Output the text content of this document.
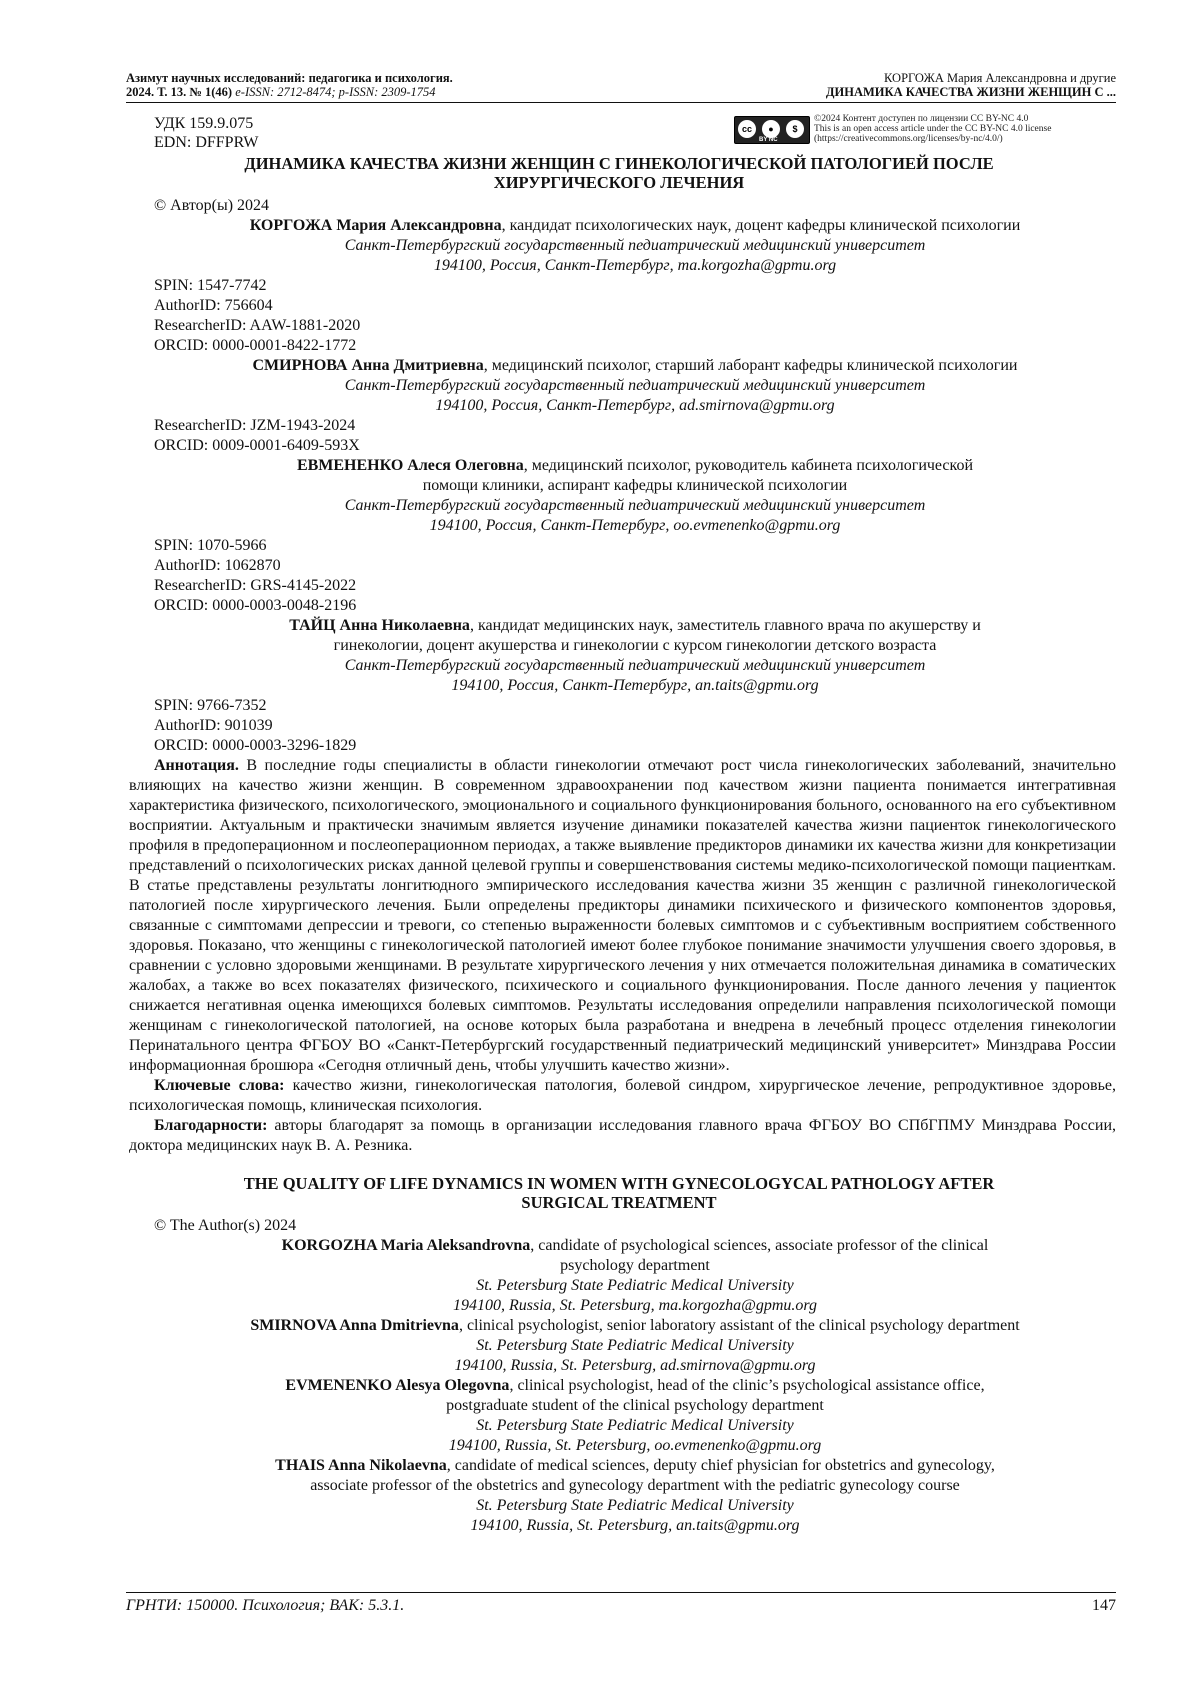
Азимут научных исследований: педагогика и психология.
2024. Т. 13. № 1(46) e-ISSN: 2712-8474; p-ISSN: 2309-1754
КОРГОЖА Мария Александровна и другие
ДИНАМИКА КАЧЕСТВА ЖИЗНИ ЖЕНЩИН С ...

УДК 159.9.075

EDN: DFFPRW

cc	●	$
BY NC
©2024 Контент доступен по лицензии CC BY-NC 4.0
This is an open access article under the CC BY-NC 4.0 license
(https://creativecommons.org/licenses/by-nc/4.0/)
ДИНАМИКА КАЧЕСТВА ЖИЗНИ ЖЕНЩИН С ГИНЕКОЛОГИЧЕСКОЙ ПАТОЛОГИЕЙ ПОСЛЕ
ХИРУРГИЧЕСКОГО ЛЕЧЕНИЯ

© Автор(ы) 2024

КОРГОЖА Мария Александровна, кандидат психологических наук, доцент кафедры клинической психологии

Санкт-Петербургский государственный педиатрический медицинский университет

194100, Россия, Санкт-Петербург, ma.korgozha@gpmu.org

SPIN: 1547-7742

AuthorID: 756604

ResearcherID: AAW-1881-2020

ORCID: 0000-0001-8422-1772

СМИРНОВА Анна Дмитриевна, медицинский психолог, старший лаборант кафедры клинической психологии

Санкт-Петербургский государственный педиатрический медицинский университет

194100, Россия, Санкт-Петербург, ad.smirnova@gpmu.org

ResearcherID: JZM-1943-2024

ORCID: 0009-0001-6409-593X

ЕВМЕНЕНКО Алеся Олеговна, медицинский психолог, руководитель кабинета психологической

помощи клиники, аспирант кафедры клинической психологии

Санкт-Петербургский государственный педиатрический медицинский университет

194100, Россия, Санкт-Петербург, oo.evmenenko@gpmu.org

SPIN: 1070-5966

AuthorID: 1062870

ResearcherID: GRS-4145-2022

ORCID: 0000-0003-0048-2196

ТАЙЦ Анна Николаевна, кандидат медицинских наук, заместитель главного врача по акушерству и

гинекологии, доцент акушерства и гинекологии с курсом гинекологии детского возраста

Санкт-Петербургский государственный педиатрический медицинский университет

194100, Россия, Санкт-Петербург, an.taits@gpmu.org

SPIN: 9766-7352

AuthorID: 901039

ORCID: 0000-0003-3296-1829

Аннотация. В последние годы специалисты в области гинекологии отмечают рост числа гинекологических заболеваний, значительно влияющих на качество жизни женщин. В современном здравоохранении под качеством жизни пациента понимается интегративная характеристика физического, психологического, эмоционального и социального функционирования больного, основанного на его субъективном восприятии. Актуальным и практически значимым является изучение динамики показателей качества жизни пациенток гинекологического профиля в предоперационном и послеоперационном периодах, а также выявление предикторов динамики их качества жизни для конкретизации представлений о психологических рисках данной целевой группы и совершенствования системы медико-психологической помощи пациенткам. В статье представлены результаты лонгитюдного эмпирического исследования качества жизни 35 женщин с различной гинекологической патологией после хирургического лечения. Были определены предикторы динамики психического и физического компонентов здоровья, связанные с симптомами депрессии и тревоги, со степенью выраженности болевых симптомов и с субъективным восприятием собственного здоровья. Показано, что женщины с гинекологической патологией имеют более глубокое понимание значимости улучшения своего здоровья, в сравнении с условно здоровыми женщинами. В результате хирургического лечения у них отмечается положительная динамика в соматических жалобах, а также во всех показателях физического, психического и социального функционирования. После данного лечения у пациенток снижается негативная оценка имеющихся болевых симптомов. Результаты исследования определили направления психологической помощи женщинам с гинекологической патологией, на основе которых была разработана и внедрена в лечебный процесс отделения гинекологии Перинатального центра ФГБОУ ВО «Санкт-Петербургский государственный педиатрический медицинский университет» Минздрава России информационная брошюра «Сегодня отличный день, чтобы улучшить качество жизни».

Ключевые слова: качество жизни, гинекологическая патология, болевой синдром, хирургическое лечение, репродуктивное здоровье, психологическая помощь, клиническая психология.

Благодарности: авторы благодарят за помощь в организации исследования главного врача ФГБОУ ВО СПбГПМУ Минздрава России, доктора медицинских наук В. А. Резника.

THE QUALITY OF LIFE DYNAMICS IN WOMEN WITH GYNECOLOGYCAL PATHOLOGY AFTER
SURGICAL TREATMENT

© The Author(s) 2024

KORGOZHA Maria Aleksandrovna, candidate of psychological sciences, associate professor of the clinical

psychology department

St. Petersburg State Pediatric Medical University

194100, Russia, St. Petersburg, ma.korgozha@gpmu.org

SMIRNOVA Anna Dmitrievna, clinical psychologist, senior laboratory assistant of the clinical psychology department

St. Petersburg State Pediatric Medical University

194100, Russia, St. Petersburg, ad.smirnova@gpmu.org

EVMENENKO Alesya Olegovna, clinical psychologist, head of the clinic’s psychological assistance office,

postgraduate student of the clinical psychology department

St. Petersburg State Pediatric Medical University

194100, Russia, St. Petersburg, oo.evmenenko@gpmu.org

THAIS Anna Nikolaevna, candidate of medical sciences, deputy chief physician for obstetrics and gynecology,

associate professor of the obstetrics and gynecology department with the pediatric gynecology course

St. Petersburg State Pediatric Medical University

194100, Russia, St. Petersburg, an.taits@gpmu.org

ГРНТИ: 150000. Психология; ВАК: 5.3.1.	147
